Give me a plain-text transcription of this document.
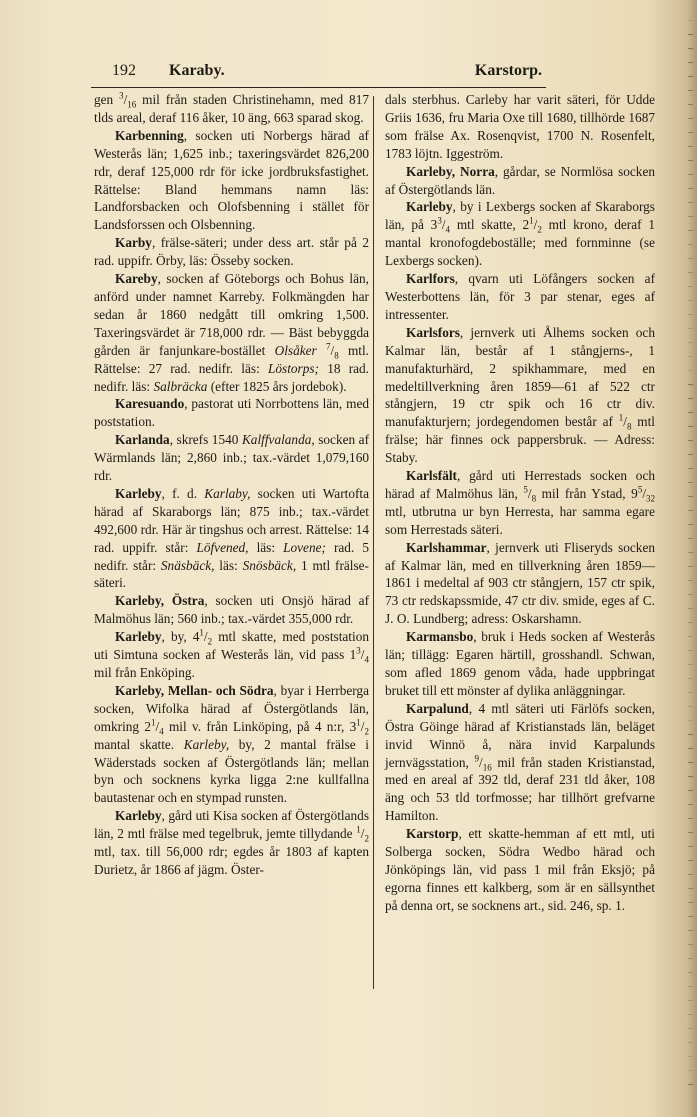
192 Karaby.	Karstorp.

gen $^3/_{16}$ mil från staden Christinehamn, med 817 tlds areal, deraf 116 åker, 10 äng, 663 sparad skog.

Karbenning, socken uti Norbergs härad af Westerås län; 1,625 inb.; taxeringsvärdet 826,200 rdr, deraf 125,000 rdr för icke jordbruksfastighet. Rättelse: Bland hemmans namn läs: Landforsbacken och Olofsbenning i stället för Landsforssen och Olsbenning.

Karby, frälse-säteri; under dess art. står på 2 rad. uppifr. Örby, läs: Össeby socken.

Kareby, socken af Göteborgs och Bohus län, anförd under namnet Karreby. Folkmängden har sedan år 1860 nedgått till omkring 1,500. Taxeringsvärdet är 718,000 rdr. — Bäst bebyggda gården är fanjunkare-bostället Olsåker $^7/_8$ mtl. Rättelse: 27 rad. nedifr. läs: Löstorps; 18 rad. nedifr. läs: Salbräcka (efter 1825 års jordebok).

Karesuando, pastorat uti Norrbottens län, med poststation.

Karlanda, skrefs 1540 Kalffvalanda, socken af Wärmlands län; 2,860 inb.; tax.-värdet 1,079,160 rdr.

Karleby, f. d. Karlaby, socken uti Wartofta härad af Skaraborgs län; 875 inb.; tax.-värdet 492,600 rdr. Här är tingshus och arrest. Rättelse: 14 rad. uppifr. står: Löfvened, läs: Lovene; rad. 5 nedifr. står: Snäsbäck, läs: Snösbäck, 1 mtl frälse-säteri.

Karleby, Östra, socken uti Onsjö härad af Malmöhus län; 560 inb.; tax.-värdet 355,000 rdr.

Karleby, by, $4^1/_2$ mtl skatte, med poststation uti Simtuna socken af Westerås län, vid pass $1^3/_4$ mil från Enköping.

Karleby, Mellan- och Södra, byar i Herrberga socken, Wifolka härad af Östergötlands län, omkring $2^1/_4$ mil v. från Linköping, på 4 n:r, $3^1/_2$ mantal skatte. Karleby, by, 2 mantal frälse i Wäderstads socken af Östergötlands län; mellan byn och socknens kyrka ligga 2:ne kullfallna bautastenar och en stympad runsten.

Karleby, gård uti Kisa socken af Östergötlands län, 2 mtl frälse med tegelbruk, jemte tillydande $^1/_2$ mtl, tax. till 56,000 rdr; egdes år 1803 af kapten Durietz, år 1866 af jägm. Öster-

dals sterbhus. Carleby har varit säteri, för Udde Griis 1636, fru Maria Oxe till 1680, tillhörde 1687 som frälse Ax. Rosenqvist, 1700 N. Rosenfelt, 1783 löjtn. Iggeström.

Karleby, Norra, gårdar, se Normlösa socken af Östergötlands län.

Karleby, by i Lexbergs socken af Skaraborgs län, på $3^3/_4$ mtl skatte, $2^1/_2$ mtl krono, deraf 1 mantal kronofogdeboställe; med fornminne (se Lexbergs socken).

Karlfors, qvarn uti Löfångers socken af Westerbottens län, för 3 par stenar, eges af intressenter.

Karlsfors, jernverk uti Ålhems socken och Kalmar län, består af 1 stångjerns-, 1 manufakturhärd, 2 spikhammare, med en medeltillverkning åren 1859—61 af 522 ctr stångjern, 19 ctr spik och 16 ctr div. manufakturjern; jordegendomen består af $^1/_8$ mtl frälse; här finnes ock pappersbruk. — Adress: Staby.

Karlsfält, gård uti Herrestads socken och härad af Malmöhus län, $^5/_8$ mil från Ystad, $9^5/_{32}$ mtl, utbrutna ur byn Herresta, har samma egare som Herrestads säteri.

Karlshammar, jernverk uti Fliseryds socken af Kalmar län, med en tillverkning åren 1859—1861 i medeltal af 903 ctr stångjern, 157 ctr spik, 73 ctr redskapssmide, 47 ctr div. smide, eges af C. J. O. Lundberg; adress: Oskarshamn.

Karmansbo, bruk i Heds socken af Westerås län; tillägg: Egaren härtill, grosshandl. Schwan, som afled 1869 genom våda, hade uppbringat bruket till ett mönster af dylika anläggningar.

Karpalund, 4 mtl säteri uti Färlöfs socken, Östra Göinge härad af Kristianstads län, beläget invid Winnö å, nära invid Karpalunds jernvägsstation, $^9/_{16}$ mil från staden Kristianstad, med en areal af 392 tld, deraf 231 tld åker, 108 äng och 53 tld torfmosse; har tillhört grefvarne Hamilton.

Karstorp, ett skatte-hemman af ett mtl, uti Solberga socken, Södra Wedbo härad och Jönköpings län, vid pass 1 mil från Eksjö; på egorna finnes ett kalkberg, som är en sällsynthet på denna ort, se socknens art., sid. 246, sp. 1.
